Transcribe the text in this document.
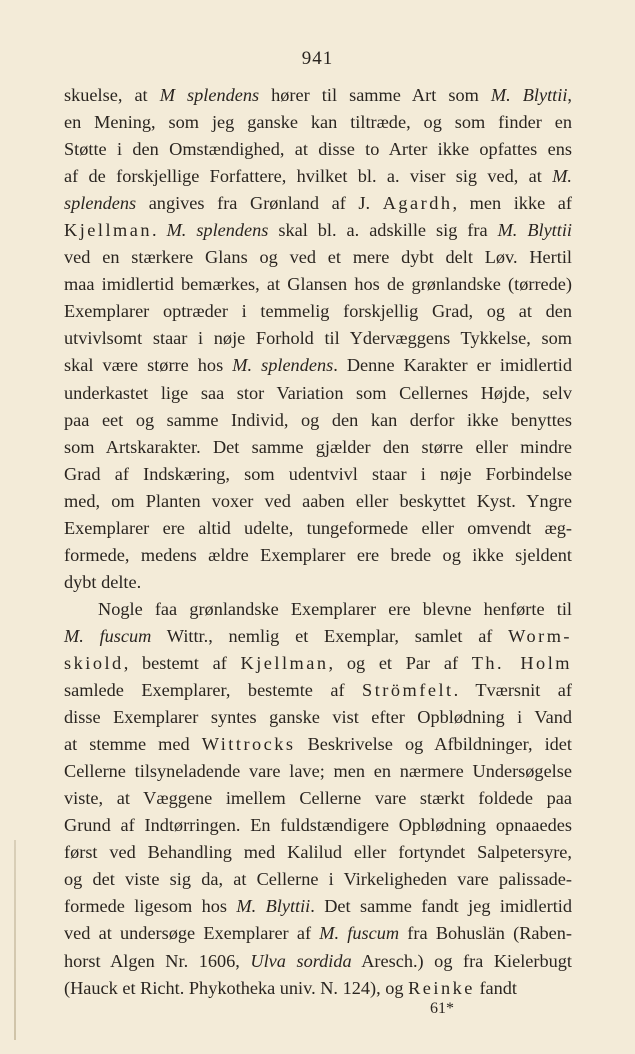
941
skuelse, at M splendens hører til samme Art som M. Blyttii,
en Mening, som jeg ganske kan tiltræde, og som finder en
Støtte i den Omstændighed, at disse to Arter ikke opfattes ens
af de forskjellige Forfattere, hvilket bl. a. viser sig ved, at M.
splendens angives fra Grønland af J. Agardh, men ikke af
Kjellman. M. splendens skal bl. a. adskille sig fra M. Blyttii
ved en stærkere Glans og ved et mere dybt delt Løv. Hertil
maa imidlertid bemærkes, at Glansen hos de grønlandske (tørrede)
Exemplarer optræder i temmelig forskjellig Grad, og at den
utvivlsomt staar i nøje Forhold til Ydervæggens Tykkelse, som
skal være større hos M. splendens. Denne Karakter er imidlertid
underkastet lige saa stor Variation som Cellernes Højde, selv
paa eet og samme Individ, og den kan derfor ikke benyttes
som Artskarakter. Det samme gjælder den større eller mindre
Grad af Indskæring, som udentvivl staar i nøje Forbindelse
med, om Planten voxer ved aaben eller beskyttet Kyst. Yngre
Exemplarer ere altid udelte, tungeformede eller omvendt æg-
formede, medens ældre Exemplarer ere brede og ikke sjeldent
dybt delte.
Nogle faa grønlandske Exemplarer ere blevne henførte til
M. fuscum Wittr., nemlig et Exemplar, samlet af Worm-
skiold, bestemt af Kjellman, og et Par af Th. Holm
samlede Exemplarer, bestemte af Strömfelt. Tværsnit af
disse Exemplarer syntes ganske vist efter Opblødning i Vand
at stemme med Wittrocks Beskrivelse og Afbildninger, idet
Cellerne tilsyneladende vare lave; men en nærmere Undersøgelse
viste, at Væggene imellem Cellerne vare stærkt foldede paa
Grund af Indtørringen. En fuldstændigere Opblødning opnaaedes
først ved Behandling med Kalilud eller fortyndet Salpetersyre,
og det viste sig da, at Cellerne i Virkeligheden vare palissade-
formede ligesom hos M. Blyttii. Det samme fandt jeg imidlertid
ved at undersøge Exemplarer af M. fuscum fra Bohuslän (Raben-
horst Algen Nr. 1606, Ulva sordida Aresch.) og fra Kielerbugt
(Hauck et Richt. Phykotheka univ. N. 124), og Reinke fandt
61*
